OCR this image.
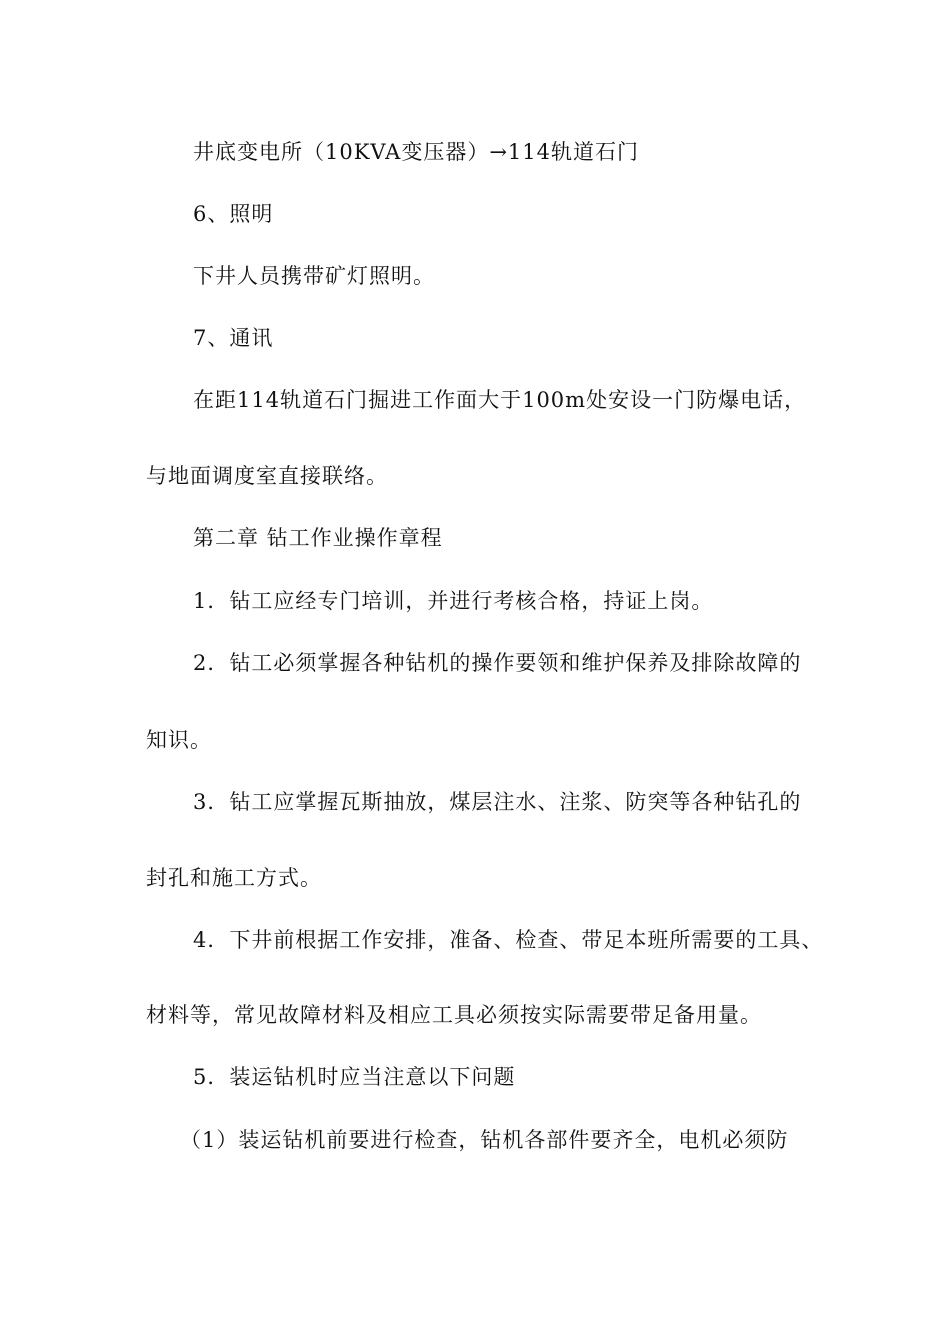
井底变电所（10KVA变压器）→114轨道石门
6、照明
下井人员携带矿灯照明。
7、通讯
在距114轨道石门掘进工作面大于100m处安设一门防爆电话，
与地面调度室直接联络。
第二章 钻工作业操作章程
1．钻工应经专门培训，并进行考核合格，持证上岗。
2．钻工必须掌握各种钻机的操作要领和维护保养及排除故障的
知识。
3．钻工应掌握瓦斯抽放，煤层注水、注浆、防突等各种钻孔的
封孔和施工方式。
4．下井前根据工作安排，准备、检查、带足本班所需要的工具、
材料等，常见故障材料及相应工具必须按实际需要带足备用量。
5．装运钻机时应当注意以下问题
（1）装运钻机前要进行检查，钻机各部件要齐全，电机必须防
